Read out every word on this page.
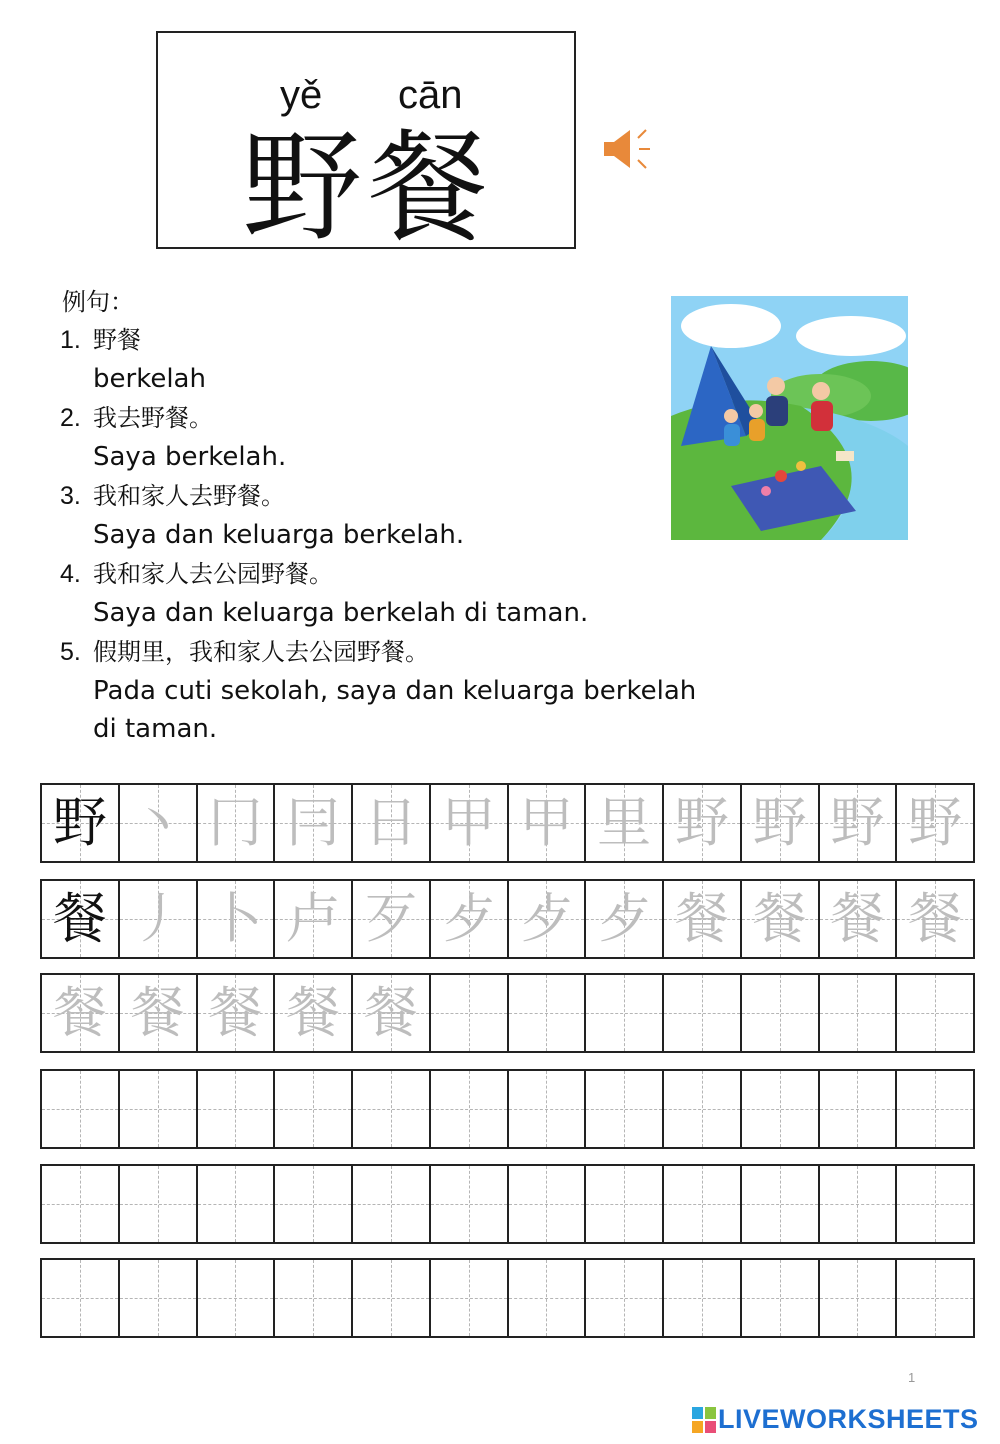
yě cān
野 餐
例句：
1. 野餐
berkelah
2. 我去野餐。
Saya berkelah.
3. 我和家人去野餐。
Saya dan keluarga berkelah.
4. 我和家人去公园野餐。
Saya dan keluarga berkelah di taman.
5. 假期里，我和家人去公园野餐。
Pada cuti sekolah, saya dan keluarga berkelah
di taman.
野 丶 冂 冃 日 甲 甲 里 野 野 野 野
餐 丿 卜 卢 歹 歺 歺 歺 餐 餐 餐 餐
餐 餐 餐 餐 餐
1
LIVEWORKSHEETS
